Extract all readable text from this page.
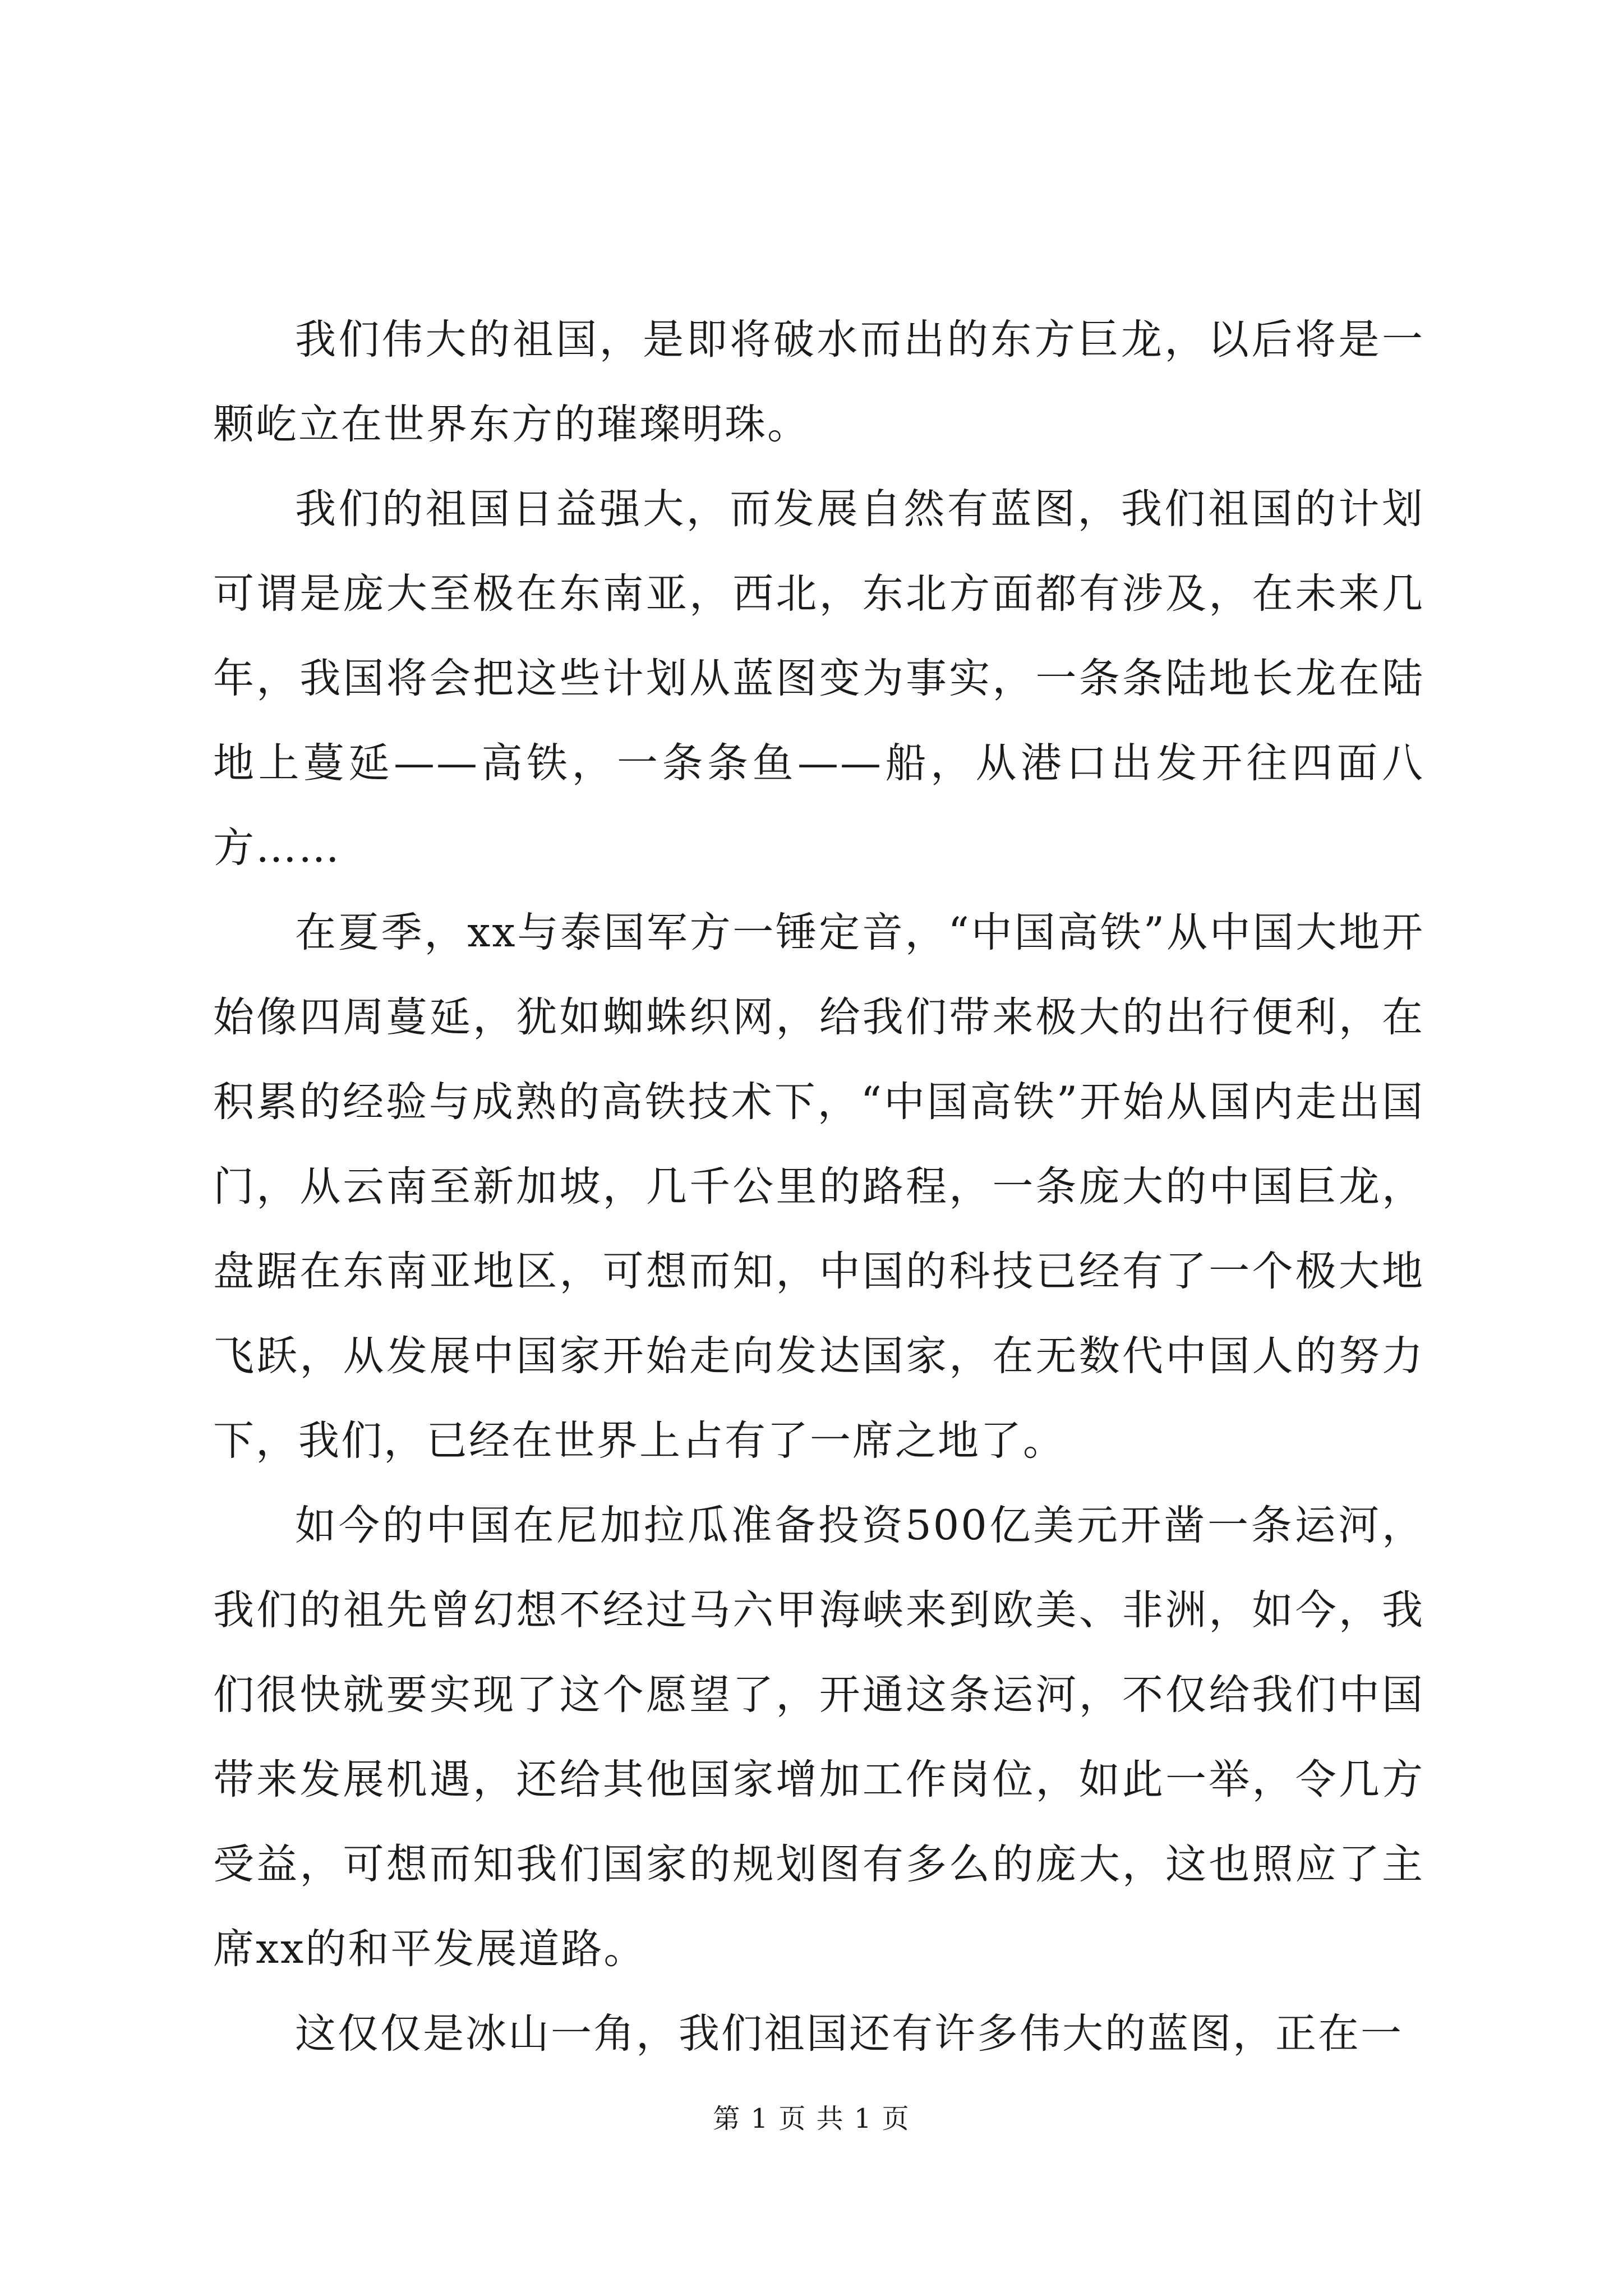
我们伟大的祖国，是即将破水而出的东方巨龙，以后将是一颗屹立在世界东方的璀璨明珠。

我们的祖国日益强大，而发展自然有蓝图，我们祖国的计划可谓是庞大至极在东南亚，西北，东北方面都有涉及，在未来几年，我国将会把这些计划从蓝图变为事实，一条条陆地长龙在陆地上蔓延——高铁，一条条鱼——船，从港口出发开往四面八方……

在夏季，xx与泰国军方一锤定音，“中国高铁”从中国大地开始像四周蔓延，犹如蜘蛛织网，给我们带来极大的出行便利，在积累的经验与成熟的高铁技术下，“中国高铁”开始从国内走出国门，从云南至新加坡，几千公里的路程，一条庞大的中国巨龙，盘踞在东南亚地区，可想而知，中国的科技已经有了一个极大地飞跃，从发展中国家开始走向发达国家，在无数代中国人的努力下，我们，已经在世界上占有了一席之地了。

如今的中国在尼加拉瓜准备投资500亿美元开凿一条运河，我们的祖先曾幻想不经过马六甲海峡来到欧美、非洲，如今，我们很快就要实现了这个愿望了，开通这条运河，不仅给我们中国带来发展机遇，还给其他国家增加工作岗位，如此一举，令几方受益，可想而知我们国家的规划图有多么的庞大，这也照应了主席xx的和平发展道路。

这仅仅是冰山一角，我们祖国还有许多伟大的蓝图，正在一

第 1 页 共 1 页
